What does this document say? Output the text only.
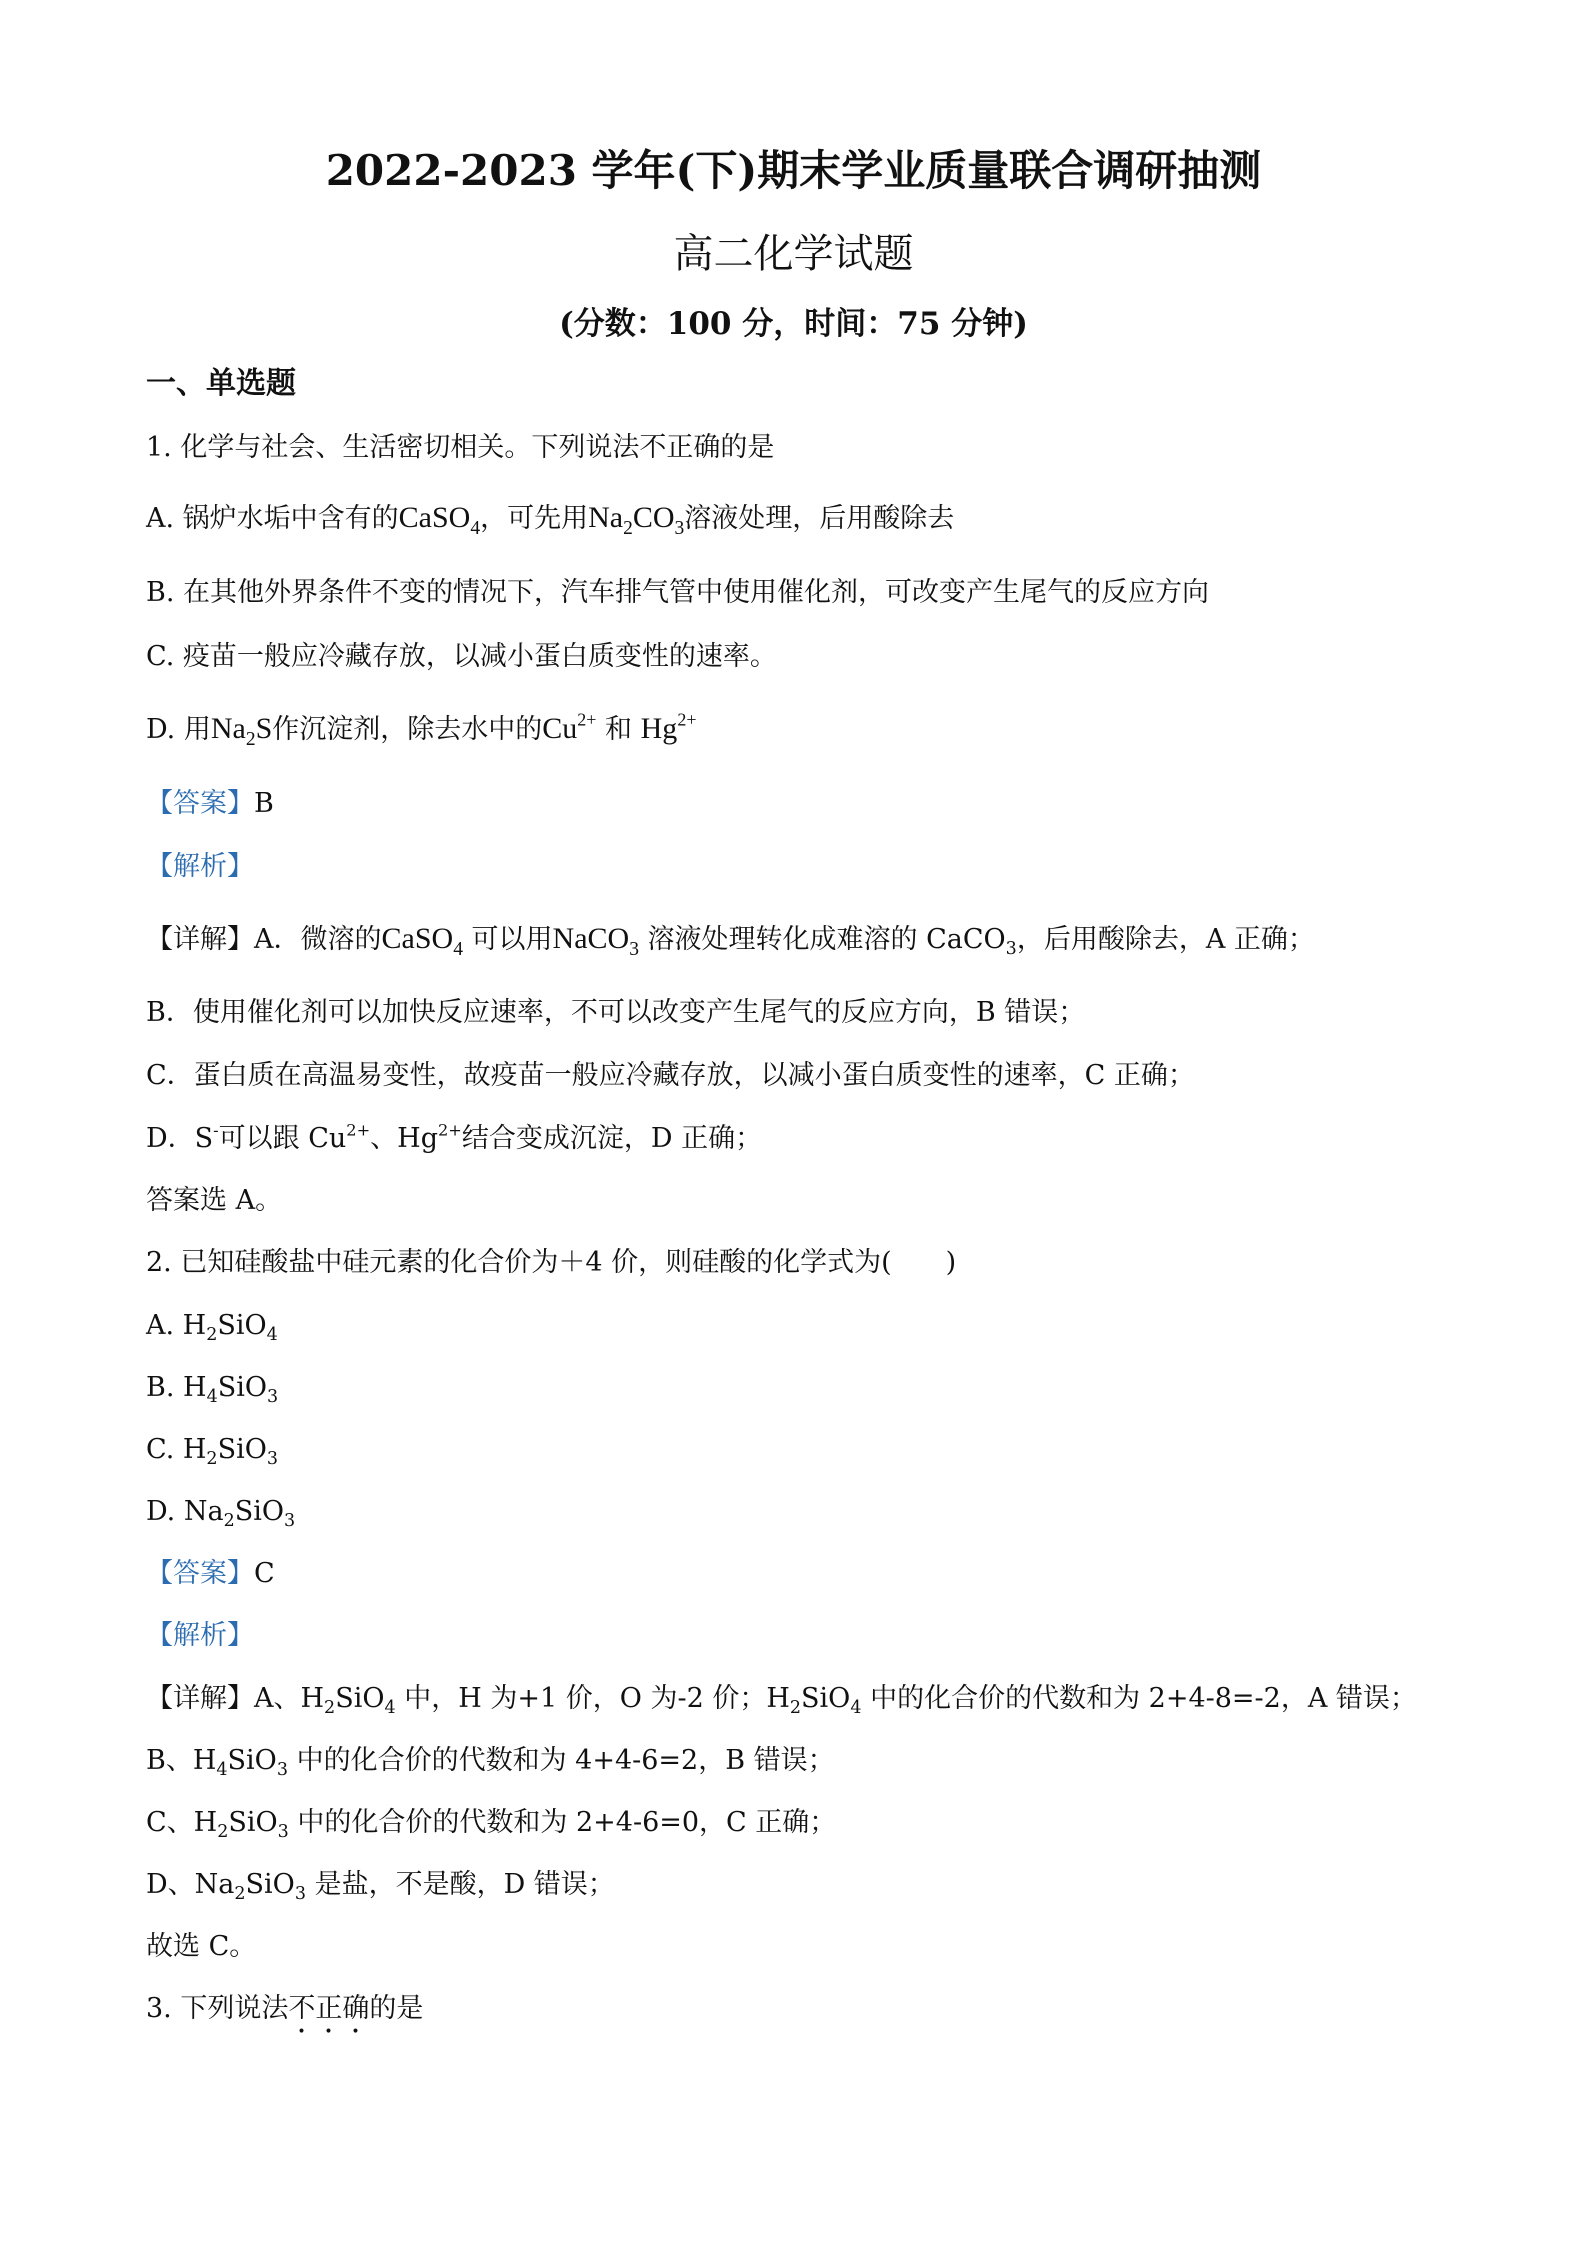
2022-2023 学年(下)期末学业质量联合调研抽测
高二化学试题
(分数：100 分，时间：75 分钟)
一、单选题
1. 化学与社会、生活密切相关。下列说法不正确的是
A. 锅炉水垢中含有的CaSO$_4$，可先用$Na_2CO_3$溶液处理，后用酸除去
B. 在其他外界条件不变的情况下，汽车排气管中使用催化剂，可改变产生尾气的反应方向
C. 疫苗一般应冷藏存放，以减小蛋白质变性的速率。
D. 用$Na_2S$作沉淀剂，除去水中的$Cu^{2+}$ 和 $Hg^{2+}$
【答案】B
【解析】
【详解】A．微溶的CaSO$_4$ 可以用NaCO$_3$ 溶液处理转化成难溶的 CaCO$_3$，后用酸除去，A 正确；
B．使用催化剂可以加快反应速率，不可以改变产生尾气的反应方向，B 错误；
C．蛋白质在高温易变性，故疫苗一般应冷藏存放，以减小蛋白质变性的速率，C 正确；
D．S-可以跟 $Cu^{2+}$、$Hg^{2+}$结合变成沉淀，D 正确；
答案选 A。
2. 已知硅酸盐中硅元素的化合价为＋4 价，则硅酸的化学式为(　　)
A. $H_2SiO_4$
B. $H_4SiO_3$
C. $H_2SiO_3$
D. $Na_2SiO_3$
【答案】C
【解析】
【详解】A、$H_2SiO_4$ 中，H 为+1 价，O 为-2 价；$H_2SiO_4$ 中的化合价的代数和为 2+4-8=-2，A 错误；
B、$H_4SiO_3$ 中的化合价的代数和为 4+4-6=2，B 错误；
C、$H_2SiO_3$ 中的化合价的代数和为 2+4-6=0，C 正确；
D、$Na_2SiO_3$ 是盐，不是酸，D 错误；
故选 C。
3. 下列说法不正确的是
